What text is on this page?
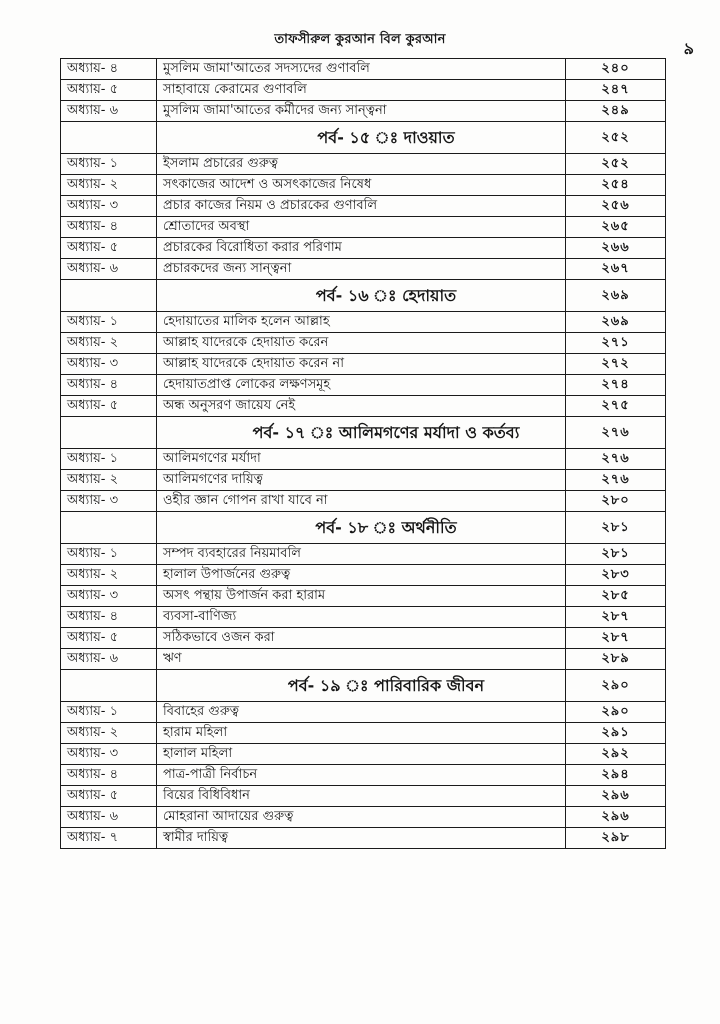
তাফসীরুল কুরআন বিল কুরআন	৯
অধ্যায়- ৪	মুসলিম জামা'আতের সদস্যদের গুণাবলি	২৪০
অধ্যায়- ৫	সাহাবায়ে কেরামের গুণাবলি	২৪৭
অধ্যায়- ৬	মুসলিম জামা'আতের কর্মীদের জন্য সান্ত্বনা	২৪৯
	পর্ব- ১৫ ঃ দাওয়াত	২৫২
অধ্যায়- ১	ইসলাম প্রচারের গুরুত্ব	২৫২
অধ্যায়- ২	সৎকাজের আদেশ ও অসৎকাজের নিষেধ	২৫৪
অধ্যায়- ৩	প্রচার কাজের নিয়ম ও প্রচারকের গুণাবলি	২৫৬
অধ্যায়- ৪	শ্রোতাদের অবস্থা	২৬৫
অধ্যায়- ৫	প্রচারকের বিরোধিতা করার পরিণাম	২৬৬
অধ্যায়- ৬	প্রচারকদের জন্য সান্ত্বনা	২৬৭
	পর্ব- ১৬ ঃ হেদায়াত	২৬৯
অধ্যায়- ১	হেদায়াতের মালিক হলেন আল্লাহ	২৬৯
অধ্যায়- ২	আল্লাহ যাদেরকে হেদায়াত করেন	২৭১
অধ্যায়- ৩	আল্লাহ যাদেরকে হেদায়াত করেন না	২৭২
অধ্যায়- ৪	হেদায়াতপ্রাপ্ত লোকের লক্ষণসমূহ	২৭৪
অধ্যায়- ৫	অন্ধ অনুসরণ জায়েয নেই	২৭৫
	পর্ব- ১৭ ঃ আলিমগণের মর্যাদা ও কর্তব্য	২৭৬
অধ্যায়- ১	আলিমগণের মর্যাদা	২৭৬
অধ্যায়- ২	আলিমগণের দায়িত্ব	২৭৬
অধ্যায়- ৩	ওহীর জ্ঞান গোপন রাখা যাবে না	২৮০
	পর্ব- ১৮ ঃ অর্থনীতি	২৮১
অধ্যায়- ১	সম্পদ ব্যবহারের নিয়মাবলি	২৮১
অধ্যায়- ২	হালাল উপার্জনের গুরুত্ব	২৮৩
অধ্যায়- ৩	অসৎ পন্থায় উপার্জন করা হারাম	২৮৫
অধ্যায়- ৪	ব্যবসা-বাণিজ্য	২৮৭
অধ্যায়- ৫	সঠিকভাবে ওজন করা	২৮৭
অধ্যায়- ৬	ঋণ	২৮৯
	পর্ব- ১৯ ঃ পারিবারিক জীবন	২৯০
অধ্যায়- ১	বিবাহের গুরুত্ব	২৯০
অধ্যায়- ২	হারাম মহিলা	২৯১
অধ্যায়- ৩	হালাল মহিলা	২৯২
অধ্যায়- ৪	পাত্র-পাত্রী নির্বাচন	২৯৪
অধ্যায়- ৫	বিয়ের বিধিবিধান	২৯৬
অধ্যায়- ৬	মোহরানা আদায়ের গুরুত্ব	২৯৬
অধ্যায়- ৭	স্বামীর দায়িত্ব	২৯৮
